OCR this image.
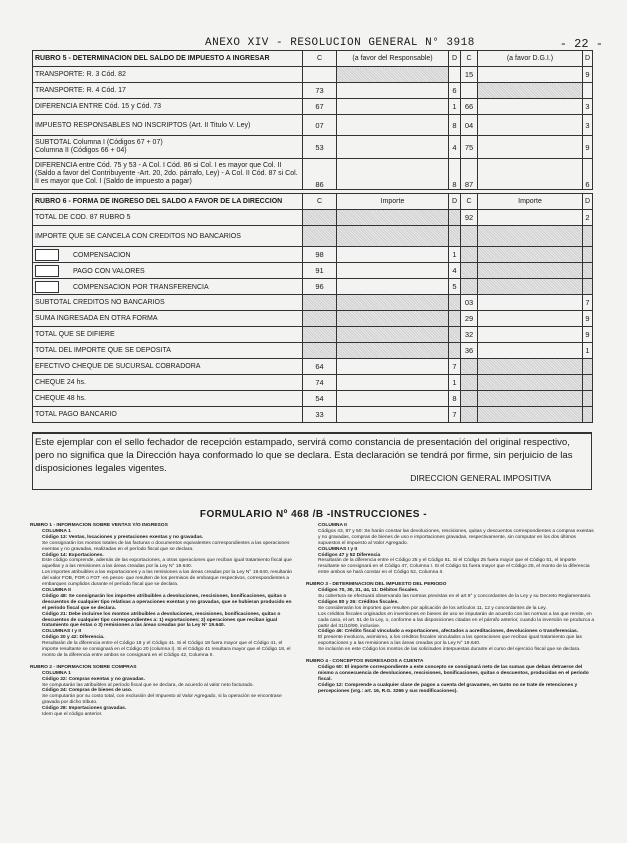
ANEXO XIV - RESOLUCION GENERAL N° 3918	- 22 -
RUBRO 5 - DETERMINACION DEL SALDO DE IMPUESTO A INGRESAR	C	(a favor del Responsable)	D	C	(a favor D.G.I.)	D
TRANSPORTE: R. 3 Cód. 82				15		9
TRANSPORTE: R. 4 Cód. 17	73		6			
DIFERENCIA ENTRE Cód. 15 y Cód. 73	67		1	66		3
IMPUESTO RESPONSABLES NO INSCRIPTOS (Art. II Titulo V. Ley)	07		8	04		3
SUBTOTAL Columna I (Códigos 67 + 07)
Columna II (Códigos 66 + 04)	53		4	75		9
DIFERENCIA entre Cód. 75 y 53 - A Col. I Cód. 86 si Col. I es mayor que Col. II
(Saldo a favor del Contribuyente -Art. 20, 2do. párrafo, Ley) - A Col. II Cód. 87 si Col.
II es mayor que Col. I (Saldo de impuesto a pagar)	86		8	87		6
RUBRO 6 - FORMA DE INGRESO DEL SALDO A FAVOR DE LA DIRECCION	C	Importe	D	C	Importe	D
TOTAL DE COD. 87 RUBRO 5				92		2
IMPORTE QUE SE CANCELA CON CREDITOS NO BANCARIOS						
COMPENSACION	98		1			
PAGO CON VALORES	91		4			
COMPENSACION POR TRANSFERENCIA	96		5			
SUBTOTAL CREDITOS NO BANCARIOS				03		7
SUMA INGRESADA EN OTRA FORMA				29		9
TOTAL QUE SE DIFIERE				32		9
TOTAL DEL IMPORTE QUE SE DEPOSITA				36		1
EFECTIVO CHEQUE DE SUCURSAL COBRADORA	64		7			
CHEQUE 24 hs.	74		1			
CHEQUE 48 hs.	54		8			
TOTAL PAGO BANCARIO	33		7			
Este ejemplar con el sello fechador de recepción estampado, servirá como constancia de presentación del original respectivo, pero no significa que la Dirección haya conformado lo que se declara. Esta declaración se tendrá por firme, sin perjuicio de las disposiciones legales vigentes.
DIRECCION GENERAL IMPOSITIVA
FORMULARIO Nº 468 /B -INSTRUCCIONES -

RUBRO 1 - INFORMACION SOBRE VENTAS Y/O INGRESOS

COLUMNA 1

Código 13: Ventas, locaciones y prestaciones exentas y no gravadas.

Se consignarán los montos totales de las facturas o documentos equivalentes correspondientes a las operaciones exentas y no gravadas, realizadas en el período fiscal que se declara.

Código 14: Exportaciones.

Este código comprende, además de las exportaciones, a otras operaciones que reciban igual tratamiento fiscal que aquellas y a las remisiones a las áreas creadas por la Ley N° 19.640.

Los importes atribuibles a las exportaciones y a las remisiones a las áreas creadas por la Ley N° 19.640, resultarán del valor FOB, FOR o FOT -en pesos- que resulten de los permisos de embarque respectivos, correspondientes a embarques cumplidos durante el período fiscal que se declara.

COLUMNA II

Código 48: Se consignarán los importes atribuibles a devoluciones, rescisiones, bonificaciones, quitas o descuentos de cualquier tipo relativas a operaciones exentas y no gravadas, que se hubieran producido en el período fiscal que se declara.

Código 21: Debe incluirse los montos atribuibles a devoluciones, rescisiones, bonificaciones, quitas o descuentos de cualquier tipo correspondientes a: 1) exportaciones; 2) operaciones que reciban igual tratamiento que éstas o 3) remisiones a las áreas creadas por la Ley N° 19.640.

COLUMNAS I y II

Código 20 y 42: Diferencia.

Resultarán de la diferencia entre el Código 18 y el Código 41. Si el Código 18 fuera mayor que el Código 41, el importe resultante se consignará en el Código 20 (columna I). Si el Código 41 resultara mayor que el Código 18, el monto de la diferencia entre ambos se consignará en el Código 42, Columna II.

RUBRO 2 - INFORMACION SOBRE COMPRAS

COLUMNA 1

Código 22: Compras exentas y no gravadas.

Se computarán las atribuibles al período fiscal que se declara, de acuerdo al valor neto facturado.

Código 24: Compras de bienes de uso.

Se computarán por su costo total, con exclusión del Impuesto al Valor Agregado, si la operación se encontrase gravada por dicho tributo.

Código 28: Importaciones gravadas.

Idem que el código anterior.

COLUMNA II

Códigos 43, 87 y 50: Se harán constar las devoluciones, rescisiones, quitas y descuentos correspondientes a compras exentas y no gravadas, compras de bienes de uso e importaciones gravadas, respectivamente, sin computar en los dos últimos supuestos el impuesto al Valor Agregado.

COLUMNAS I y II

Códigos 47 y 52 Diferencia

Resultarán de la diferencia entre el Código 25 y el Código 51. Si el Código 25 fuera mayor que el Código 51, el importe resultante se consignará en el Código 47, Columna I. Si el Código 51 fuera mayor que el Código 25, el monto de la diferencia entre ambos se hará constar en el Código 52, Columna II.

RUBRO 3 - DETERMINACION DEL IMPUESTO DEL PERIODO

Códigos 70, 30, 31, 44, 11: Débitos fiscales.

Su cobertura se efectuará observando las normas previstas en el art 9° y concordantes de la Ley y su Decreto Reglamentario.

Códigos 80 y 26: Créditos fiscales.

Se considerarán los importes que resulten por aplicación de los artículos 11, 12 y concordantes de la Ley.

Los créditos fiscales originados en inversiones en bienes de uso se imputarán de acuerdo con las normas a las que remite, en cada caso, el art. 51 de la Ley, o, conforme a las disposiciones citadas en el párrafo anterior, cuando la inversión se produzca a partir del 31/10/90, inclusive.

Código 46: Crédito fiscal vinculado a exportaciones, afectados a acreditaciones, devoluciones o transferencias.

El presente involucra, asimismo, a los créditos fiscales vinculados a las operaciones que reciban igual tratamiento que las exportaciones y a las remisiones a las áreas creadas por la Ley N° 19.640.

Se incluirán en este Código los montos de las solicitudes interpuestas durante el curso del ejercicio fiscal que se declara.

RUBRO 4 - CONCEPTOS INGRESADOS A CUENTA

Código 60: El importe correspondiente a este concepto se consignará neto de las sumas que deban detraerse del mismo a consecuencia de devoluciones, rescisiones, bonificaciones, quitas o descuentos, producidas en el período fiscal.

Código 12: Comprende a cualquier clase de pagos a cuenta del gravamen, en tanto no se trate de retenciones y percepciones (vrg.: art. 16, R.G. 3266 y sus modificaciones).
